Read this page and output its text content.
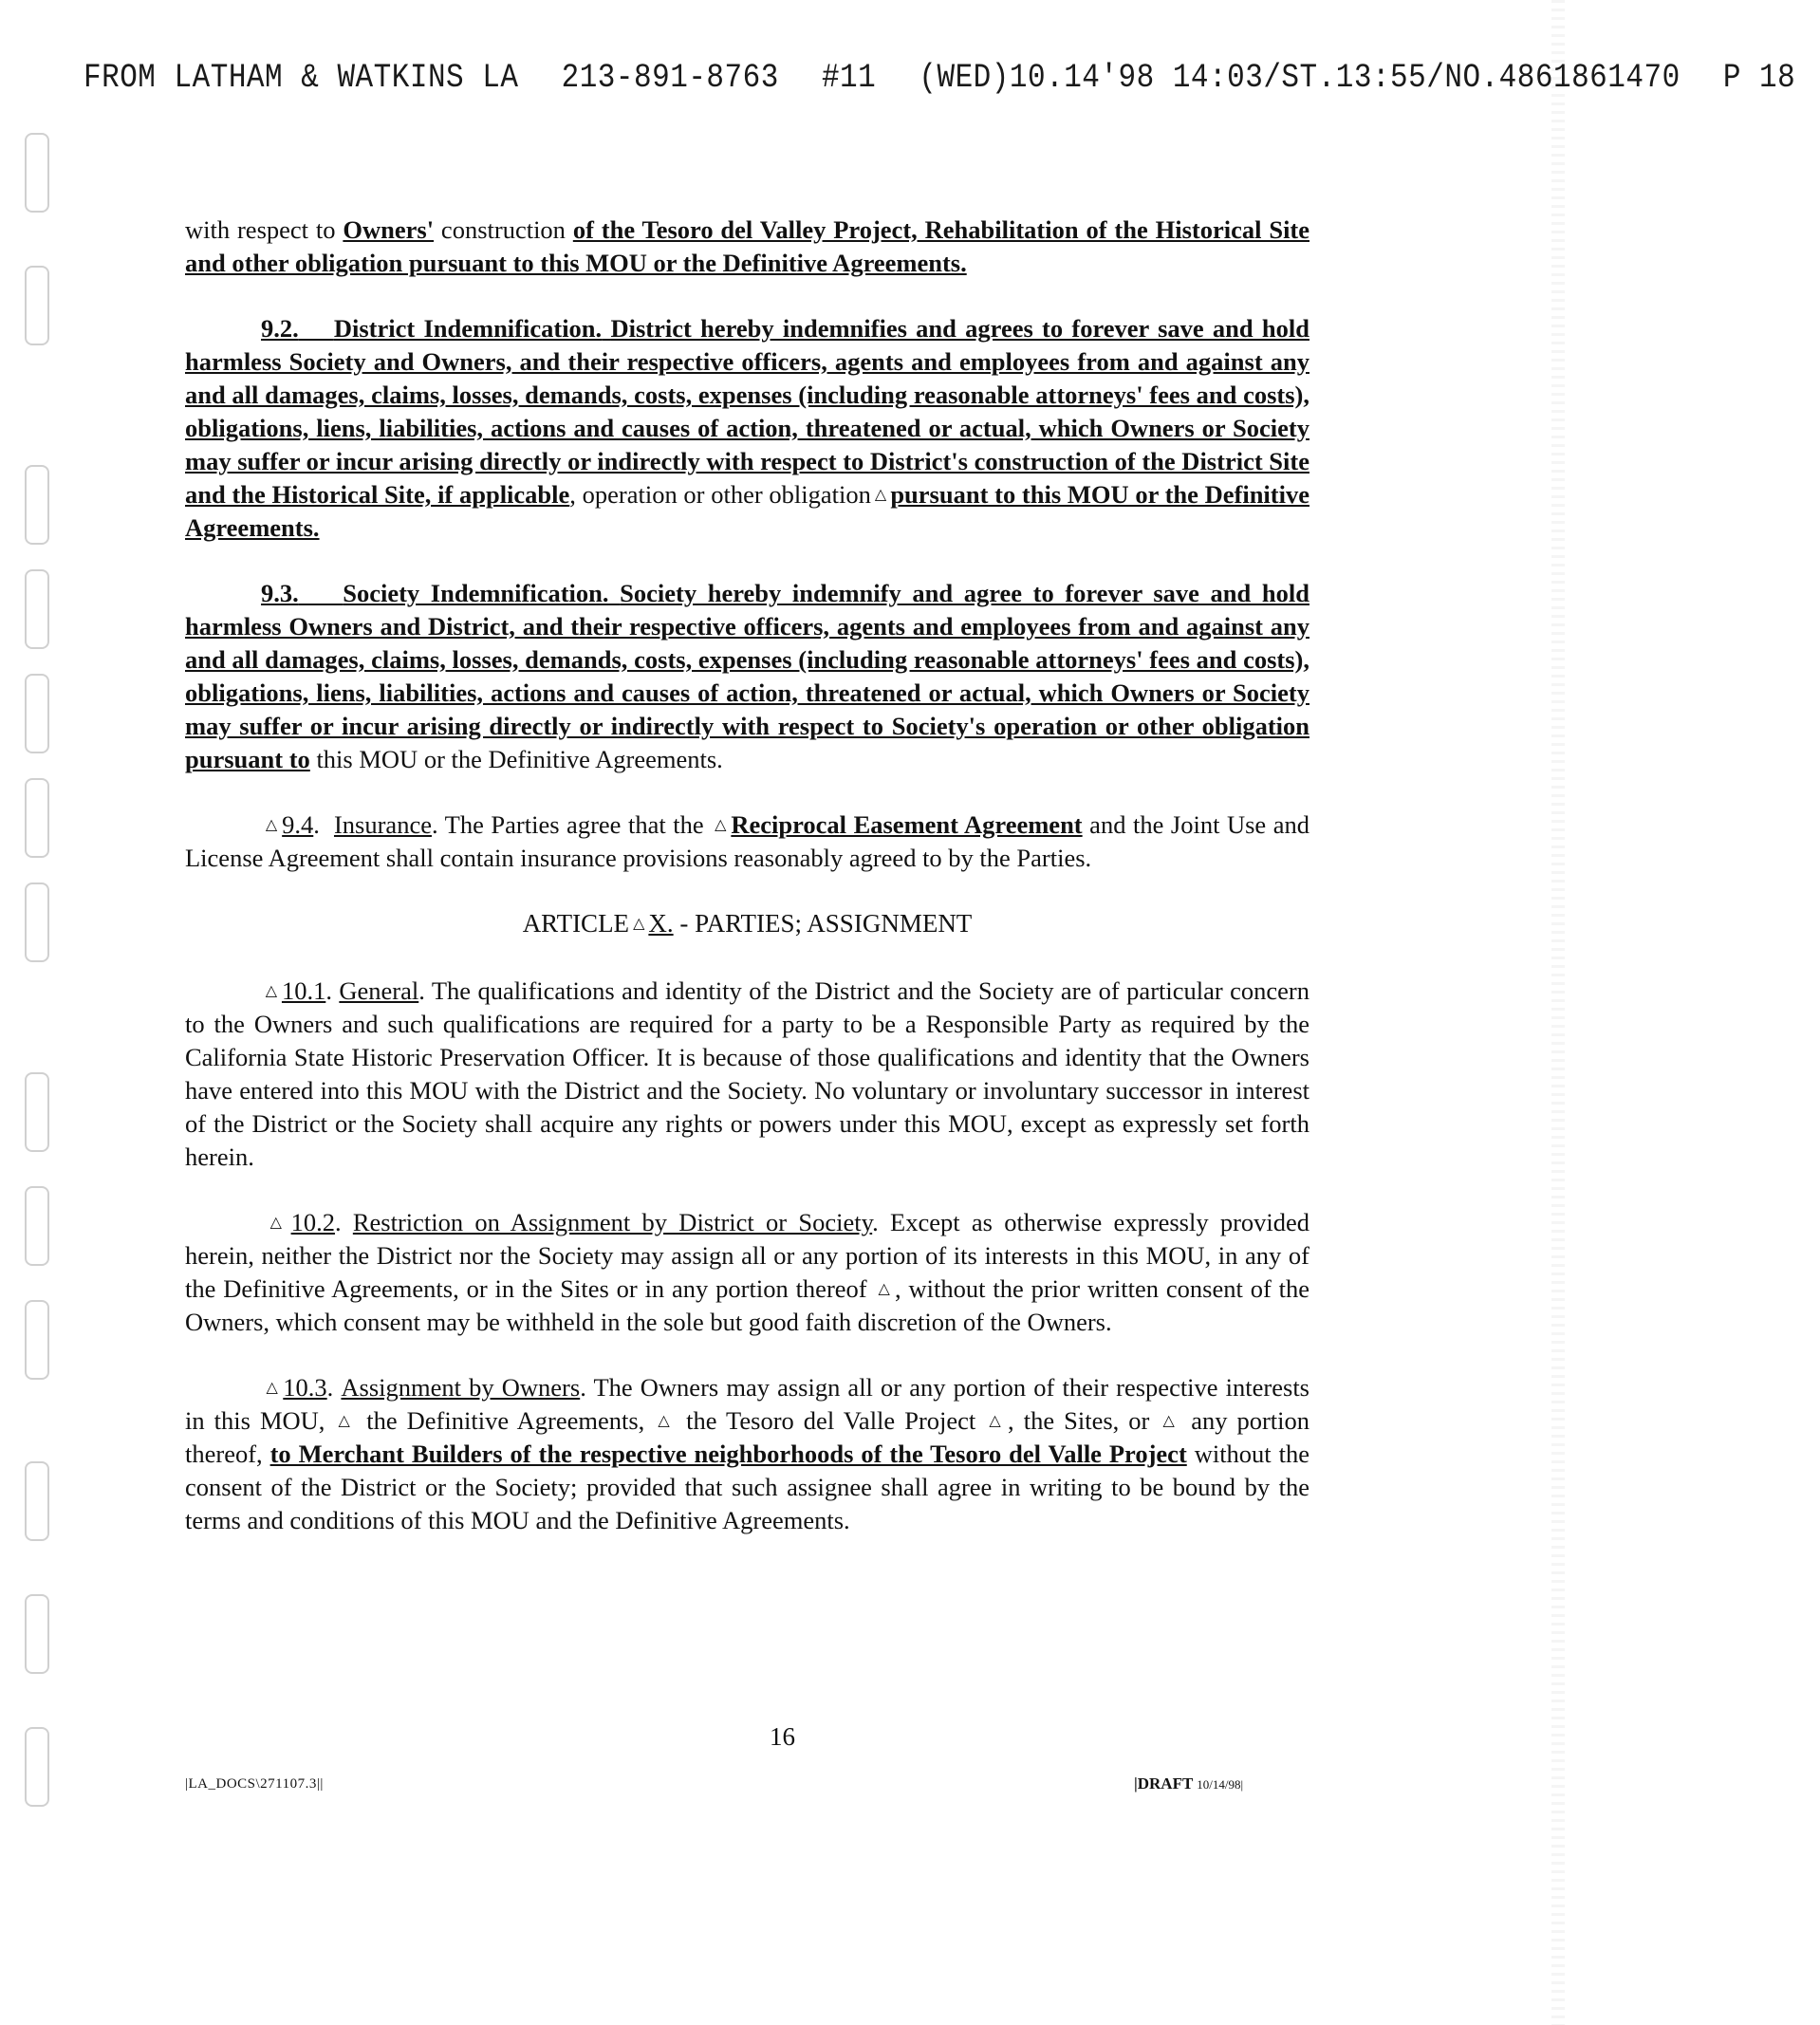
FROM LATHAM & WATKINS LA 213-891-8763 #11 (WED)10.14'98 14:03/ST.13:55/NO.4861861470 P 18

with respect to Owners' construction of the Tesoro del Valley Project, Rehabilitation of the Historical Site and other obligation pursuant to this MOU or the Definitive Agreements.

9.2. District Indemnification. District hereby indemnifies and agrees to forever save and hold harmless Society and Owners, and their respective officers, agents and employees from and against any and all damages, claims, losses, demands, costs, expenses (including reasonable attorneys' fees and costs), obligations, liens, liabilities, actions and causes of action, threatened or actual, which Owners or Society may suffer or incur arising directly or indirectly with respect to District's construction of the District Site and the Historical Site, if applicable, operation or other obligation △ pursuant to this MOU or the Definitive Agreements.

9.3. Society Indemnification. Society hereby indemnify and agree to forever save and hold harmless Owners and District, and their respective officers, agents and employees from and against any and all damages, claims, losses, demands, costs, expenses (including reasonable attorneys' fees and costs), obligations, liens, liabilities, actions and causes of action, threatened or actual, which Owners or Society may suffer or incur arising directly or indirectly with respect to Society's operation or other obligation pursuant to this MOU or the Definitive Agreements.

△ 9.4.  Insurance. The Parties agree that the △ Reciprocal Easement Agreement and the Joint Use and License Agreement shall contain insurance provisions reasonably agreed to by the Parties.

ARTICLE △ X. - PARTIES; ASSIGNMENT

△ 10.1. General. The qualifications and identity of the District and the Society are of particular concern to the Owners and such qualifications are required for a party to be a Responsible Party as required by the California State Historic Preservation Officer. It is because of those qualifications and identity that the Owners have entered into this MOU with the District and the Society. No voluntary or involuntary successor in interest of the District or the Society shall acquire any rights or powers under this MOU, except as expressly set forth herein.

△ 10.2. Restriction on Assignment by District or Society. Except as otherwise expressly provided herein, neither the District nor the Society may assign all or any portion of its interests in this MOU, in any of the Definitive Agreements, or in the Sites or in any portion thereof △ , without the prior written consent of the Owners, which consent may be withheld in the sole but good faith discretion of the Owners.

△ 10.3. Assignment by Owners. The Owners may assign all or any portion of their respective interests in this MOU, △ the Definitive Agreements, △ the Tesoro del Valle Project △ , the Sites, or △ any portion thereof, to Merchant Builders of the respective neighborhoods of the Tesoro del Valle Project without the consent of the District or the Society; provided that such assignee shall agree in writing to be bound by the terms and conditions of this MOU and the Definitive Agreements.

16
|LA_DOCS\271107.3||	|DRAFT 10/14/98|
